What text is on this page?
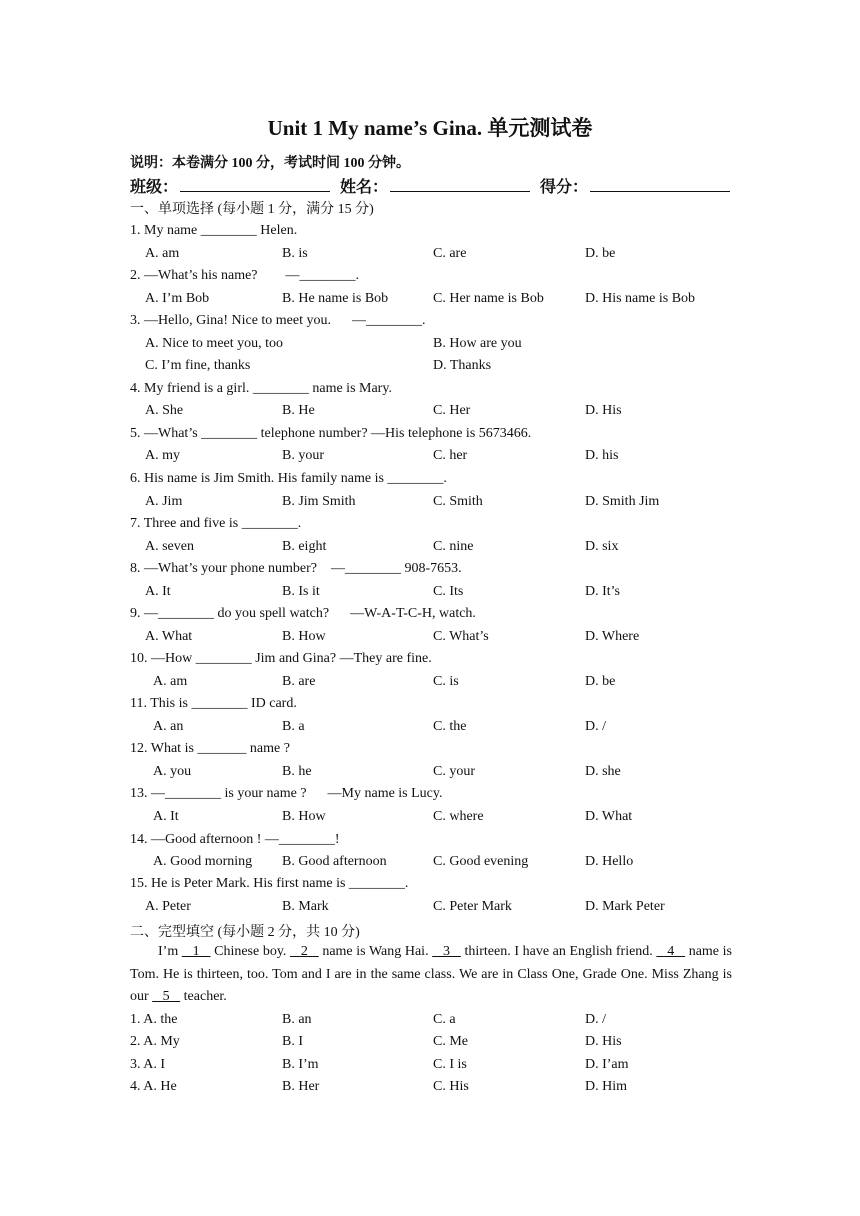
Unit 1 My name’s Gina. 单元测试卷
说明：本卷满分 100 分，考试时间 100 分钟。
班级：	姓名：	得分：
一、单项选择 (每小题 1 分，满分 15 分)
1. My name ________ Helen.
A. am	B. is	C. are	D. be
2. —What’s his name?        —________.
A. I’m Bob	B. He name is Bob	C. Her name is Bob	D. His name is Bob
3. —Hello, Gina! Nice to meet you.      —________.
A. Nice to meet you, too	B. How are you
C. I’m fine, thanks	D. Thanks
4. My friend is a girl. ________ name is Mary.
A. She	B. He	C. Her	D. His
5. —What’s ________ telephone number? —His telephone is 5673466.
A. my	B. your	C. her	D. his
6. His name is Jim Smith. His family name is ________.
A. Jim	B. Jim Smith	C. Smith	D. Smith Jim
7. Three and five is ________.
A. seven	B. eight	C. nine	D. six
8. —What’s your phone number?    —________ 908-7653.
A. It	B. Is it	C. Its	D. It’s
9. —________ do you spell watch?      —W-A-T-C-H, watch.
A. What	B. How	C. What’s	D. Where
10. —How ________ Jim and Gina? —They are fine.
A. am	B. are	C. is	D. be
11. This is ________ ID card.
A. an	B. a	C. the	D. /
12. What is _______ name ?
A. you	B. he	C. your	D. she
13. —________ is your name ?      —My name is Lucy.
A. It	B. How	C. where	D. What
14. —Good afternoon ! —________!
A. Good morning B. Good afternoon	C. Good evening	D. Hello
15. He is Peter Mark. His first name is ________.
A. Peter	B. Mark	C. Peter Mark	D. Mark Peter
二、完型填空 (每小题 2 分，共 10 分)
I’m    1    Chinese boy.    2    name is Wang Hai.    3    thirteen. I have an English friend.    4    name is Tom. He is thirteen, too. Tom and I are in the same class. We are in Class One, Grade One. Miss Zhang is our    5    teacher.
1. A. the	B. an	C. a	D. /
2. A. My	B. I	C. Me	D. His
3. A. I	B. I’m	C. I is	D. I’am
4. A. He	B. Her	C. His	D. Him
